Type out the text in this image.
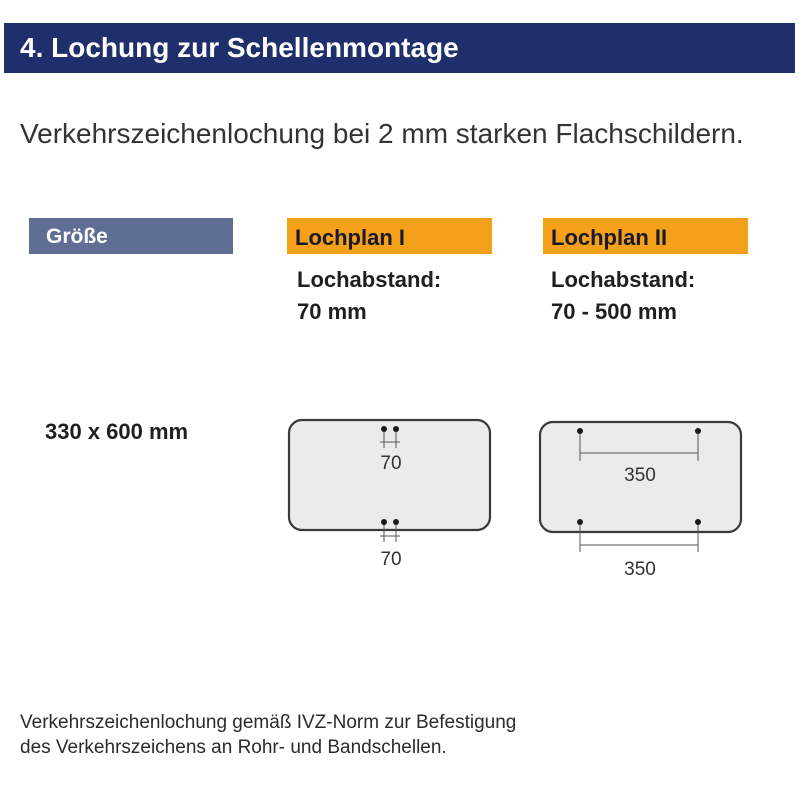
4. Lochung zur Schellenmontage
Verkehrszeichenlochung bei 2 mm starken Flachschildern.
Größe	Lochplan I	Lochplan II
Lochabstand:
70 mm
Lochabstand:
70 - 500 mm
330 x 600 mm
70
70
350
350
Verkehrszeichenlochung gemäß IVZ-Norm zur Befestigung
des Verkehrszeichens an Rohr- und Bandschellen.
